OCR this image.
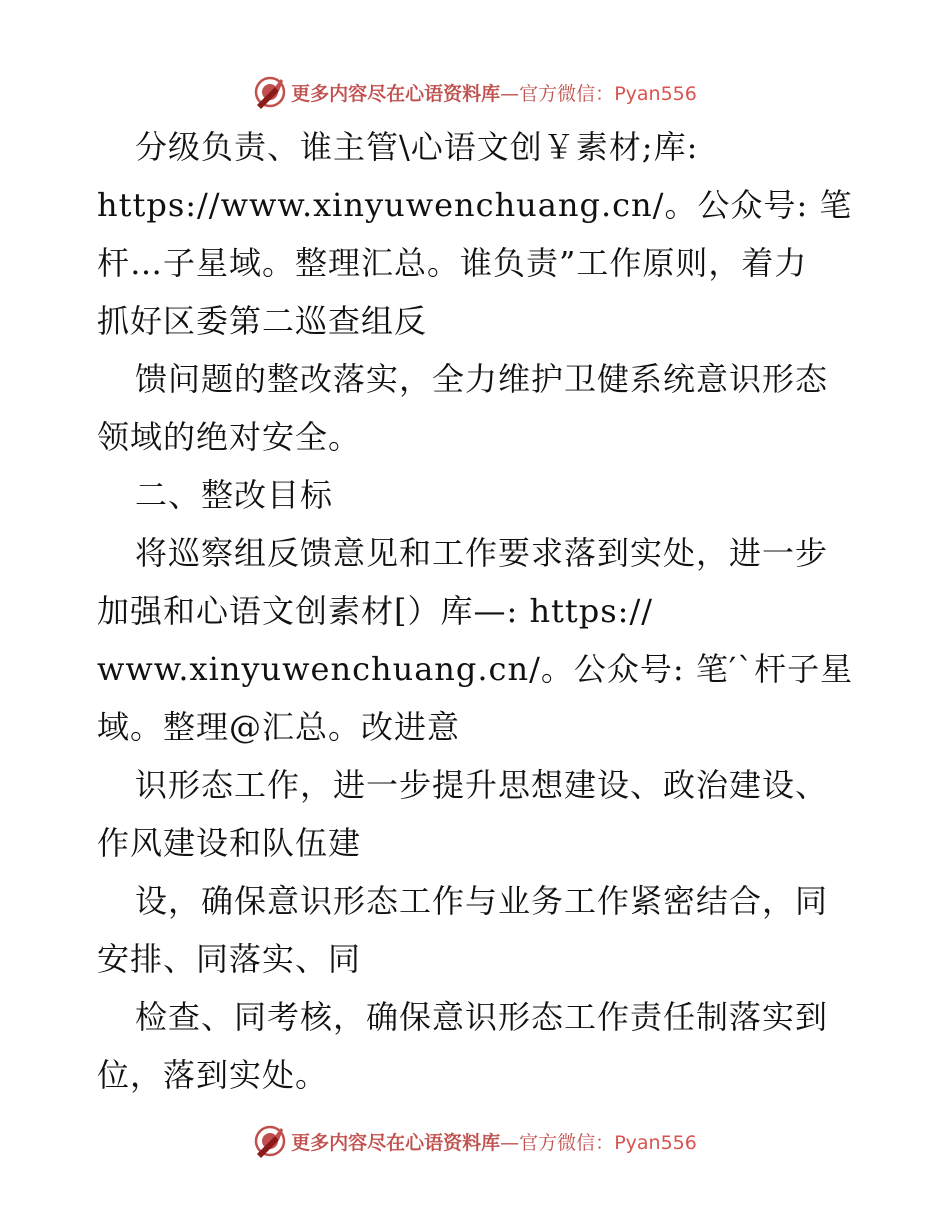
更多内容尽在心语资料库—官方微信：Pyan556
分级负责、谁主管\心语文创￥素材;库:
https://www.xinyuwenchuang.cn/。公众号: 笔
杆…子星域。整理汇总。谁负责”工作原则，着力
抓好区委第二巡查组反
馈问题的整改落实，全力维护卫健系统意识形态
领域的绝对安全。
二、整改目标
将巡察组反馈意见和工作要求落到实处，进一步
加强和心语文创素材[）库—: https://
www.xinyuwenchuang.cn/。公众号: 笔′`杆子星
域。整理@汇总。改进意
识形态工作，进一步提升思想建设、政治建设、
作风建设和队伍建
设，确保意识形态工作与业务工作紧密结合，同
安排、同落实、同
检查、同考核，确保意识形态工作责任制落实到
位，落到实处。
更多内容尽在心语资料库—官方微信：Pyan556
